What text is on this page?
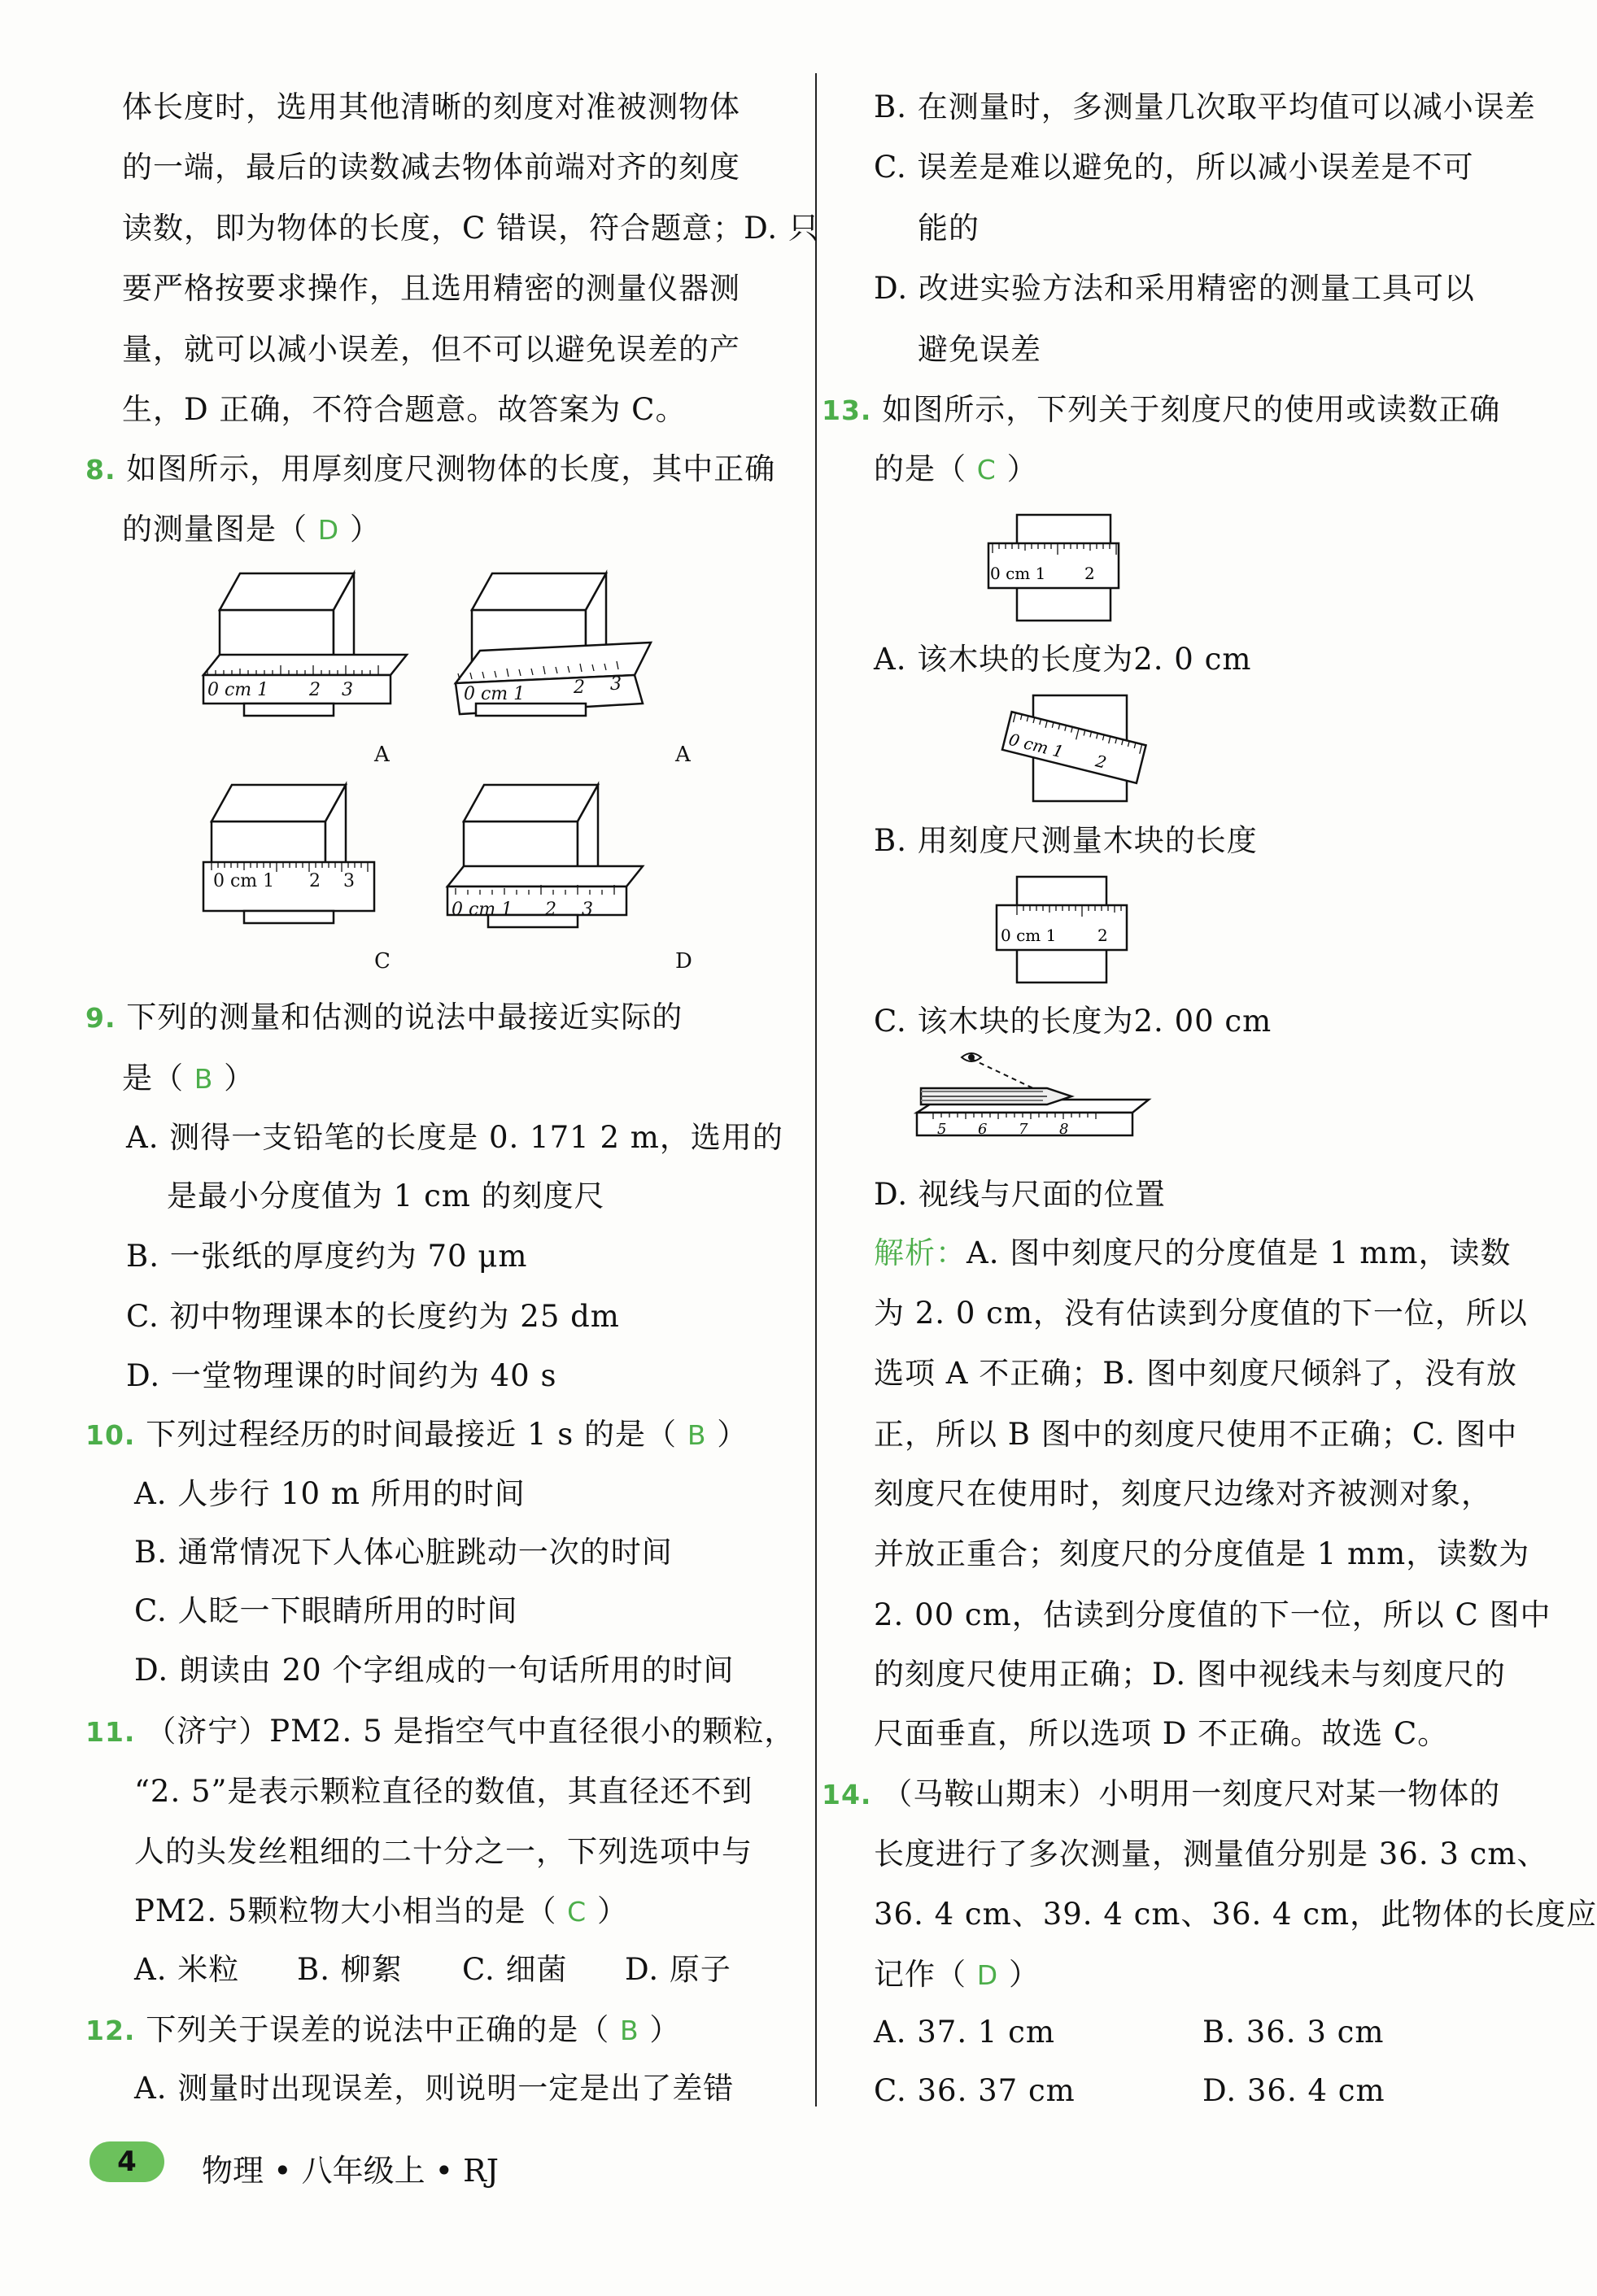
体长度时，选用其他清晰的刻度对准被测物体
的一端，最后的读数减去物体前端对齐的刻度
读数，即为物体的长度，C 错误，符合题意；D. 只
要严格按要求操作，且选用精密的测量仪器测
量，就可以减小误差，但不可以避免误差的产
生，D 正确，不符合题意。故答案为 C。
8. 如图所示，用厚刻度尺测物体的长度，其中正确
的测量图是（ D ）
0 cm 1 2 3	0 cm 1	2 3
0 cm 1 2 3
0 cm 1 2 3
A	A
C	D
9. 下列的测量和估测的说法中最接近实际的
是（ B ）
A. 测得一支铅笔的长度是 0. 171 2 m，选用的
是最小分度值为 1 cm 的刻度尺
B. 一张纸的厚度约为 70 μm
C. 初中物理课本的长度约为 25 dm
D. 一堂物理课的时间约为 40 s
10. 下列过程经历的时间最接近 1 s 的是（ B ）
A. 人步行 10 m 所用的时间
B. 通常情况下人体心脏跳动一次的时间
C. 人眨一下眼睛所用的时间
D. 朗读由 20 个字组成的一句话所用的时间
11. （济宁）PM2. 5 是指空气中直径很小的颗粒，
“2. 5”是表示颗粒直径的数值，其直径还不到
人的头发丝粗细的二十分之一，下列选项中与
PM2. 5颗粒物大小相当的是（ C ）
A. 米粒 B. 柳絮 C. 细菌 D. 原子
12. 下列关于误差的说法中正确的是（ B ）
A. 测量时出现误差，则说明一定是出了差错
B. 在测量时，多测量几次取平均值可以减小误差
C. 误差是难以避免的，所以减小误差是不可
能的
D. 改进实验方法和采用精密的测量工具可以
避免误差
13. 如图所示，下列关于刻度尺的使用或读数正确
的是（ C ）
0 cm 1 2
A. 该木块的长度为2. 0 cm
0 cm 1 2
B. 用刻度尺测量木块的长度
0 cm 1	2
C. 该木块的长度为2. 00 cm
5 6 7 8
D. 视线与尺面的位置
解析：A. 图中刻度尺的分度值是 1 mm，读数
为 2. 0 cm，没有估读到分度值的下一位，所以
选项 A 不正确；B. 图中刻度尺倾斜了，没有放
正，所以 B 图中的刻度尺使用不正确；C. 图中
刻度尺在使用时，刻度尺边缘对齐被测对象，
并放正重合；刻度尺的分度值是 1 mm，读数为
2. 00 cm，估读到分度值的下一位，所以 C 图中
的刻度尺使用正确；D. 图中视线未与刻度尺的
尺面垂直，所以选项 D 不正确。故选 C。
14. （马鞍山期末）小明用一刻度尺对某一物体的
长度进行了多次测量，测量值分别是 36. 3 cm、
36. 4 cm、39. 4 cm、36. 4 cm，此物体的长度应
记作（ D ）
A. 37. 1 cm	B. 36. 3 cm
C. 36. 37 cm	D. 36. 4 cm
4	物理 • 八年级上 • RJ
